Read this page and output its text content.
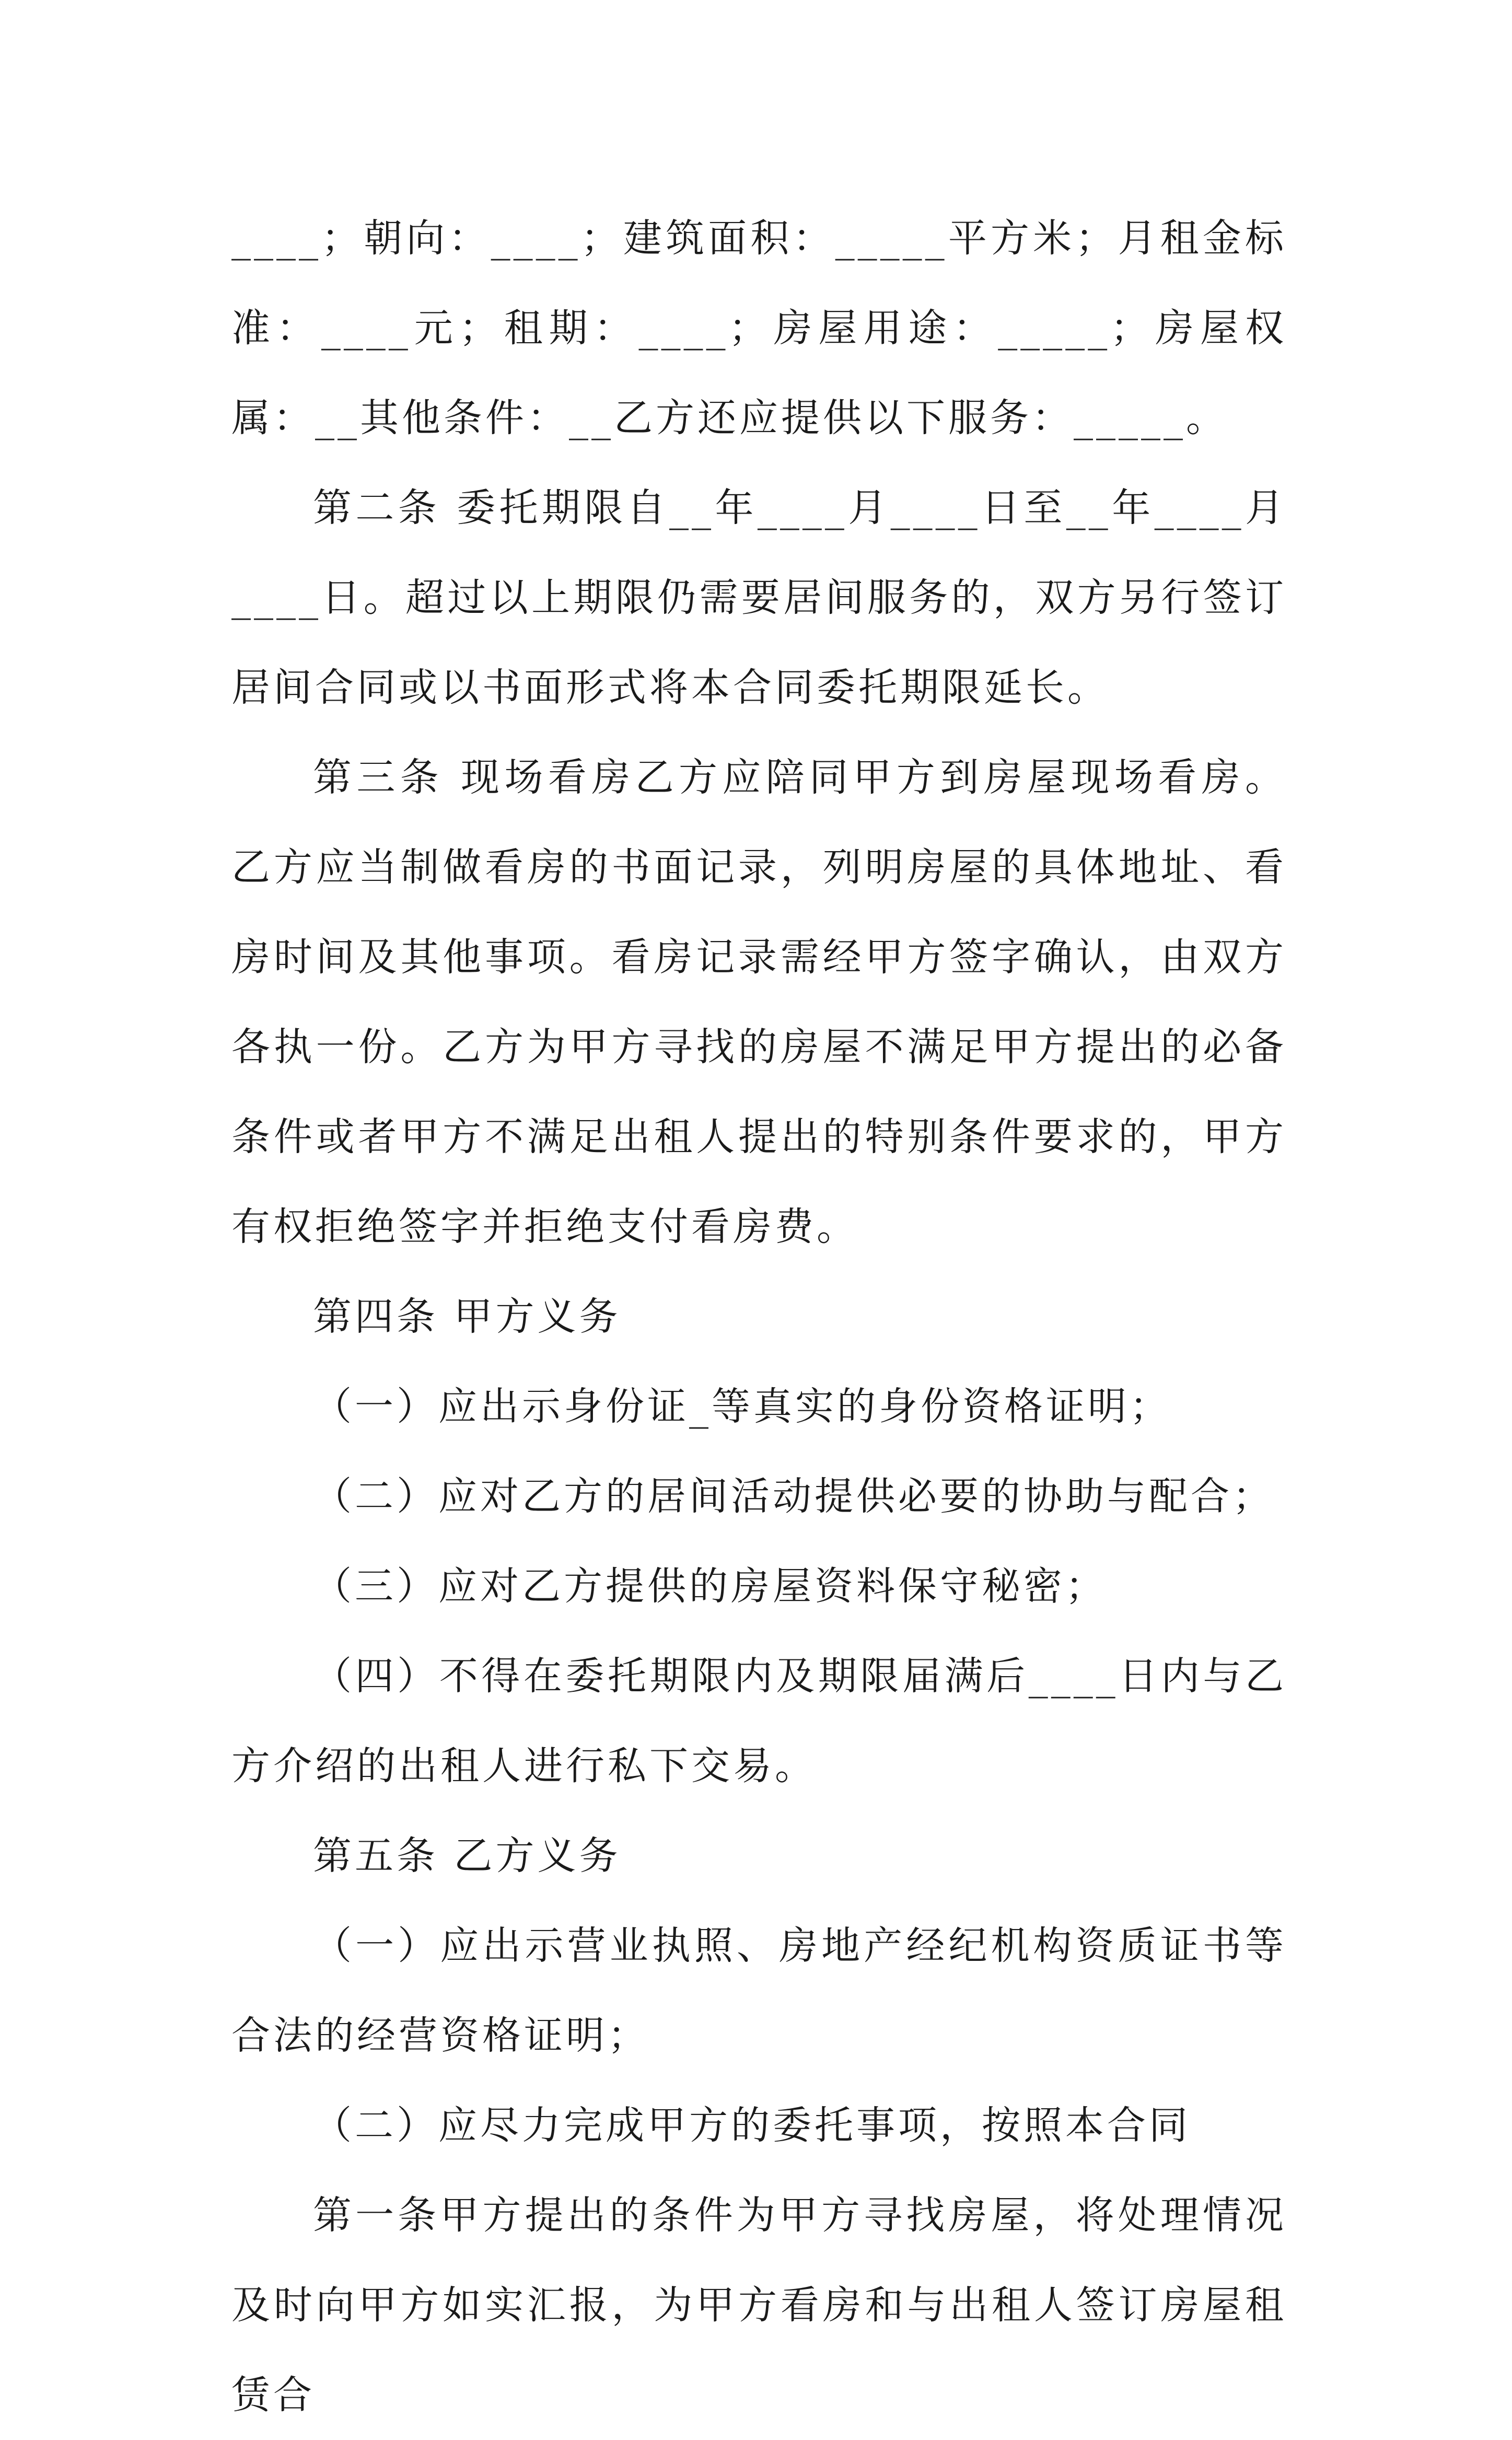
____；朝向：____；建筑面积：_____平方米；月租金标准：____元；租期：____；房屋用途：_____；房屋权属：__其他条件：__乙方还应提供以下服务：_____。

第二条 委托期限自__年____月____日至__年____月____日。超过以上期限仍需要居间服务的，双方另行签订居间合同或以书面形式将本合同委托期限延长。

第三条 现场看房乙方应陪同甲方到房屋现场看房。乙方应当制做看房的书面记录，列明房屋的具体地址、看房时间及其他事项。看房记录需经甲方签字确认，由双方各执一份。乙方为甲方寻找的房屋不满足甲方提出的必备条件或者甲方不满足出租人提出的特别条件要求的，甲方有权拒绝签字并拒绝支付看房费。

第四条 甲方义务

（一）应出示身份证_等真实的身份资格证明；

（二）应对乙方的居间活动提供必要的协助与配合；

（三）应对乙方提供的房屋资料保守秘密；

（四）不得在委托期限内及期限届满后____日内与乙方介绍的出租人进行私下交易。

第五条 乙方义务

（一）应出示营业执照、房地产经纪机构资质证书等合法的经营资格证明；

（二）应尽力完成甲方的委托事项，按照本合同

第一条甲方提出的条件为甲方寻找房屋，将处理情况及时向甲方如实汇报，为甲方看房和与出租人签订房屋租赁合
